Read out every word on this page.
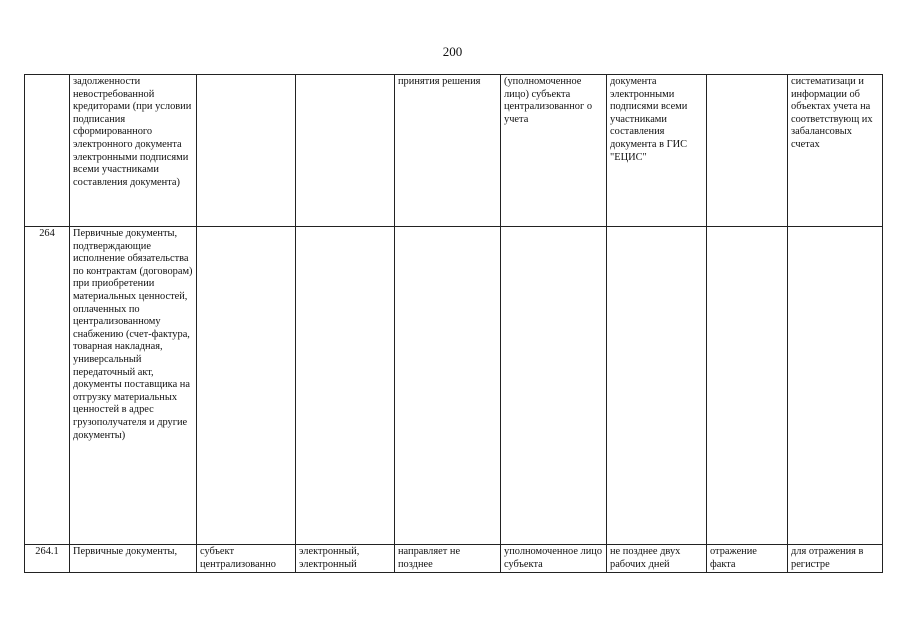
200
	задолженности невостребованной кредиторами (при условии подписания сформированного электронного документа электронными подписями всеми участниками составления документа)			принятия решения	(уполномоченное лицо) субъекта централизованног о учета	документа электронными подписями всеми участниками составления документа в ГИС "ЕЦИС"		систематизаци и информации об объектах учета на соответствующ их забалансовых счетах
264	Первичные документы, подтверждающие исполнение обязательства по контрактам (договорам) при приобретении материальных ценностей, оплаченных по централизованному снабжению (счет-фактура, товарная накладная, универсальный передаточный акт, документы поставщика на отгрузку материальных ценностей в адрес грузополучателя и другие документы)							
264.1	Первичные документы,	субъект централизованно	электронный, электронный	направляет не позднее	уполномоченное лицо субъекта	не позднее двух рабочих дней	отражение факта	для отражения в регистре
